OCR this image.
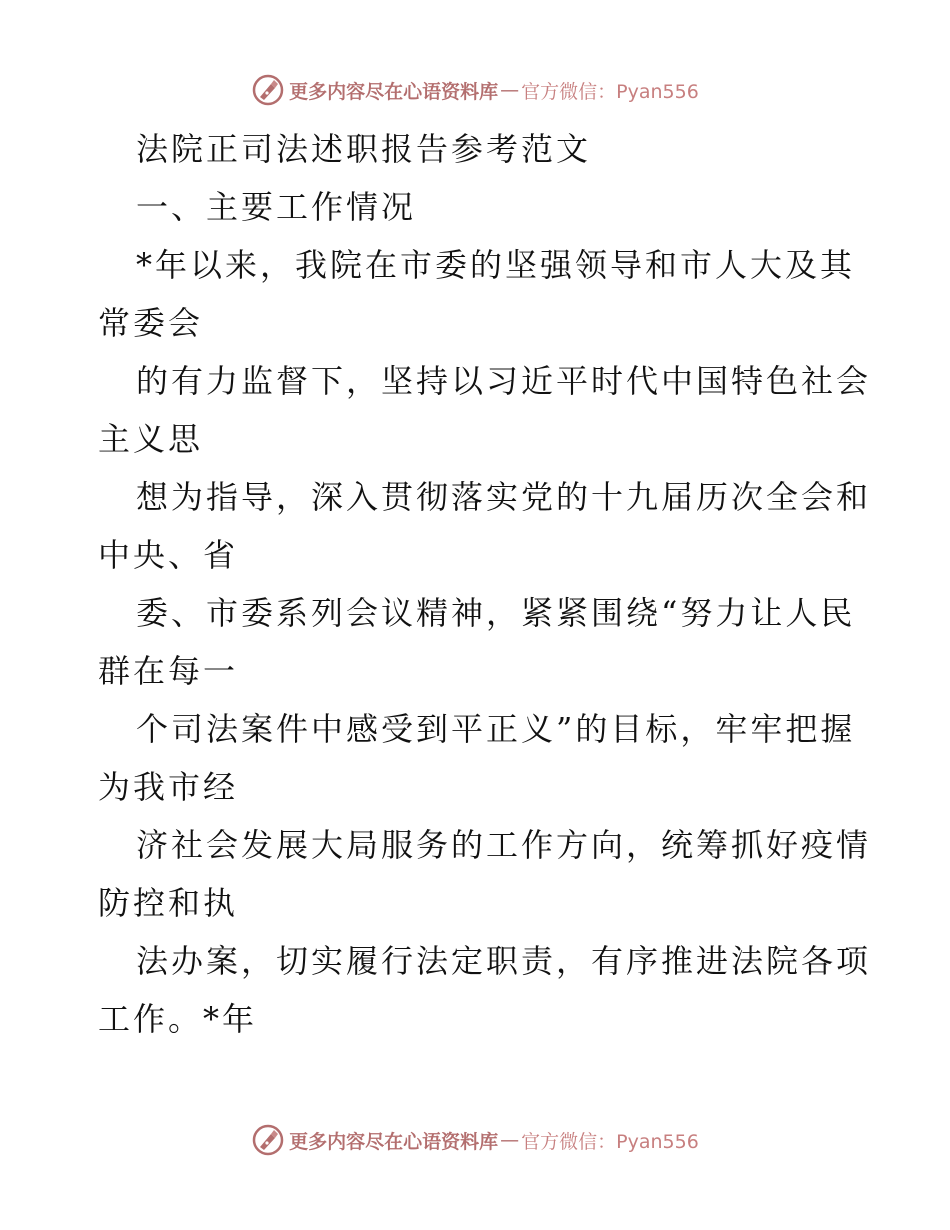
更多内容尽在心语资料库 — 官方微信：Pyan556
法院正司法述职报告参考范文
一、主要工作情况
*年以来，我院在市委的坚强领导和市人大及其
常委会
的有力监督下，坚持以习近平时代中国特色社会
主义思
想为指导，深入贯彻落实党的十九届历次全会和
中央、省
委、市委系列会议精神，紧紧围绕“努力让人民
群在每一
个司法案件中感受到平正义”的目标，牢牢把握
为我市经
济社会发展大局服务的工作方向，统筹抓好疫情
防控和执
法办案，切实履行法定职责，有序推进法院各项
工作。*年
更多内容尽在心语资料库 — 官方微信：Pyan556
